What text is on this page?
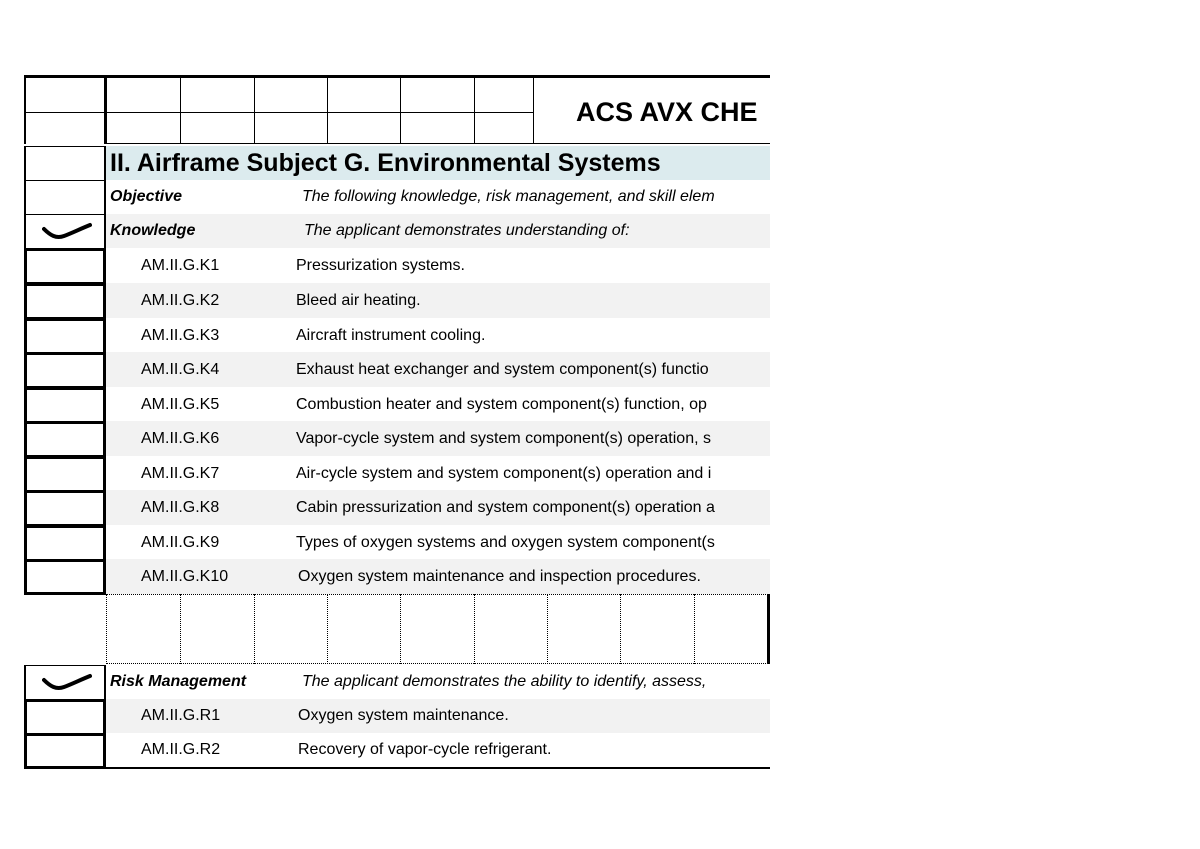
ACS AVX CHE
II. Airframe Subject G. Environmental Systems
Objective	The following knowledge, risk management, and skill elem
Knowledge	The applicant demonstrates understanding of:
AM.II.G.K1	Pressurization systems.
AM.II.G.K2	Bleed air heating.
AM.II.G.K3	Aircraft instrument cooling.
AM.II.G.K4	Exhaust heat exchanger and system component(s) functio
AM.II.G.K5	Combustion heater and system component(s) function, op
AM.II.G.K6	Vapor-cycle system and system component(s) operation, s
AM.II.G.K7	Air-cycle system and system component(s) operation and i
AM.II.G.K8	Cabin pressurization and system component(s) operation a
AM.II.G.K9	Types of oxygen systems and oxygen system component(s
AM.II.G.K10	Oxygen system maintenance and inspection procedures.
Risk Management	The applicant demonstrates the ability to identify, assess,
AM.II.G.R1	Oxygen system maintenance.
AM.II.G.R2	Recovery of vapor-cycle refrigerant.
